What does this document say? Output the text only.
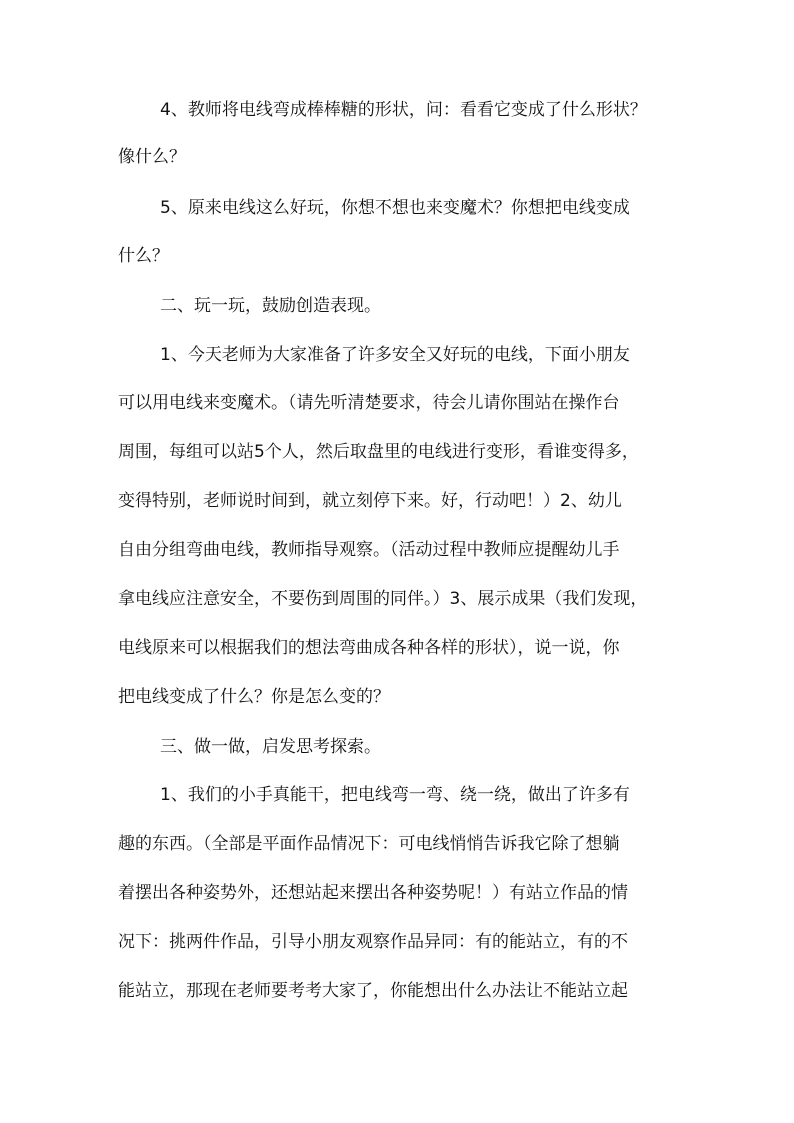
4、教师将电线弯成棒棒糖的形状，问：看看它变成了什么形状？
像什么？
5、原来电线这么好玩，你想不想也来变魔术？你想把电线变成
什么？
二、玩一玩，鼓励创造表现。
1、今天老师为大家准备了许多安全又好玩的电线，下面小朋友
可以用电线来变魔术。（请先听清楚要求，待会儿请你围站在操作台
周围，每组可以站5个人，然后取盘里的电线进行变形，看谁变得多，
变得特别，老师说时间到，就立刻停下来。好，行动吧！）2、幼儿
自由分组弯曲电线，教师指导观察。（活动过程中教师应提醒幼儿手
拿电线应注意安全，不要伤到周围的同伴。）3、展示成果（我们发现，
电线原来可以根据我们的想法弯曲成各种各样的形状），说一说，你
把电线变成了什么？你是怎么变的？
三、做一做，启发思考探索。
1、我们的小手真能干，把电线弯一弯、绕一绕，做出了许多有
趣的东西。（全部是平面作品情况下：可电线悄悄告诉我它除了想躺
着摆出各种姿势外，还想站起来摆出各种姿势呢！）有站立作品的情
况下：挑两件作品，引导小朋友观察作品异同：有的能站立，有的不
能站立，那现在老师要考考大家了，你能想出什么办法让不能站立起
